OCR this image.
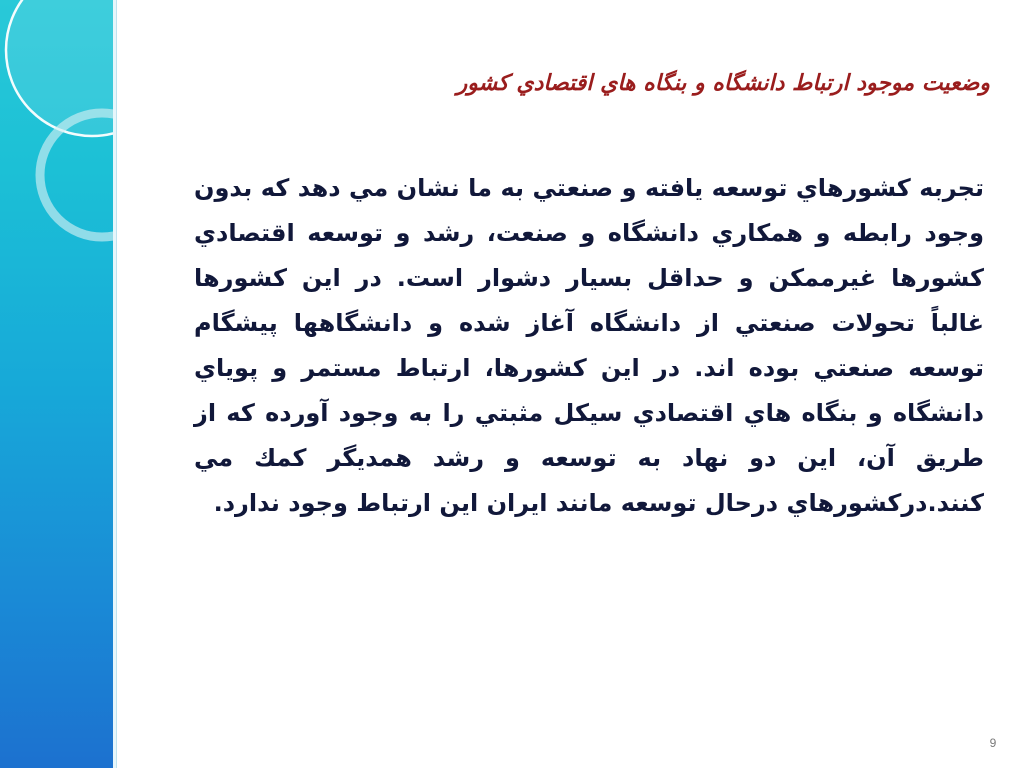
وضعيت موجود ارتباط دانشگاه و بنگاه هاي اقتصادي كشور

تجربه كشورهاي توسعه يافته و صنعتي به ما نشان مي دهد كه بدون وجود رابطه و همكاري دانشگاه و صنعت، رشد و توسعه اقتصادي كشورها غيرممكن و حداقل بسيار دشوار است. در اين كشورها غالباً تحولات صنعتي از دانشگاه آغاز شده و دانشگاهها پيشگام توسعه صنعتي بوده اند. در اين كشورها، ارتباط مستمر و پوياي دانشگاه و بنگاه هاي اقتصادي سيكل مثبتي را به وجود آورده كه از طريق آن، اين دو نهاد به توسعه و رشد همديگر كمك مي كنند.دركشورهاي درحال توسعه مانند ايران اين ارتباط وجود ندارد.

9
